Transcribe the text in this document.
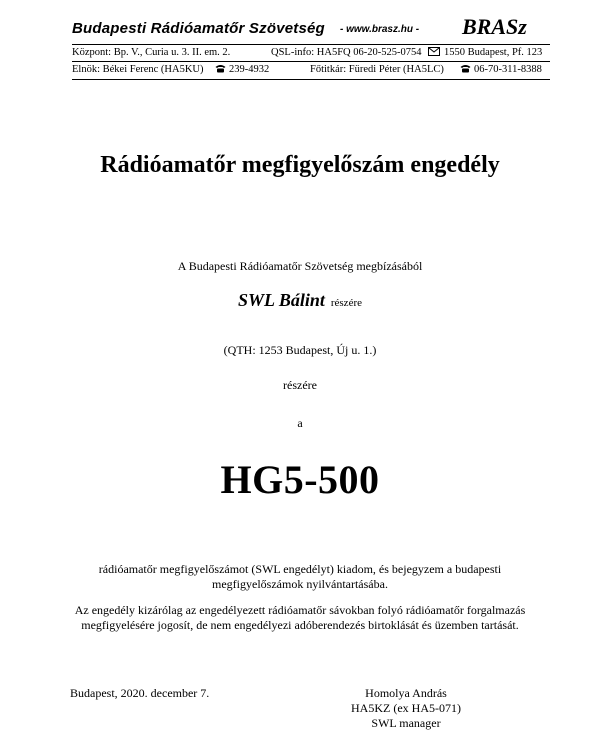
Budapesti Rádióamatőr Szövetség - www.brasz.hu - BRASz
Központ: Bp. V., Curia u. 3. II. em. 2.	QSL-info: HA5FQ 06-20-525-0754	1550 Budapest, Pf. 123
Elnök: Békei Ferenc (HA5KU)	239-4932	Főtitkár: Füredi Péter (HA5LC)	06-70-311-8388
Rádióamatőr megfigyelőszám engedély
A Budapesti Rádióamatőr Szövetség megbízásából
SWL Bálint részére
(QTH: 1253 Budapest, Új u. 1.)
részére
a
HG5-500
rádióamatőr megfigyelőszámot (SWL engedélyt) kiadom, és bejegyzem a budapesti megfigyelőszámok nyilvántartásába.
Az engedély kizárólag az engedélyezett rádióamatőr sávokban folyó rádióamatőr forgalmazás megfigyelésére jogosít, de nem engedélyezi adóberendezés birtoklását és üzemben tartását.
Budapest, 2020. december 7.	Homolya András
HA5KZ (ex HA5-071)
SWL manager
